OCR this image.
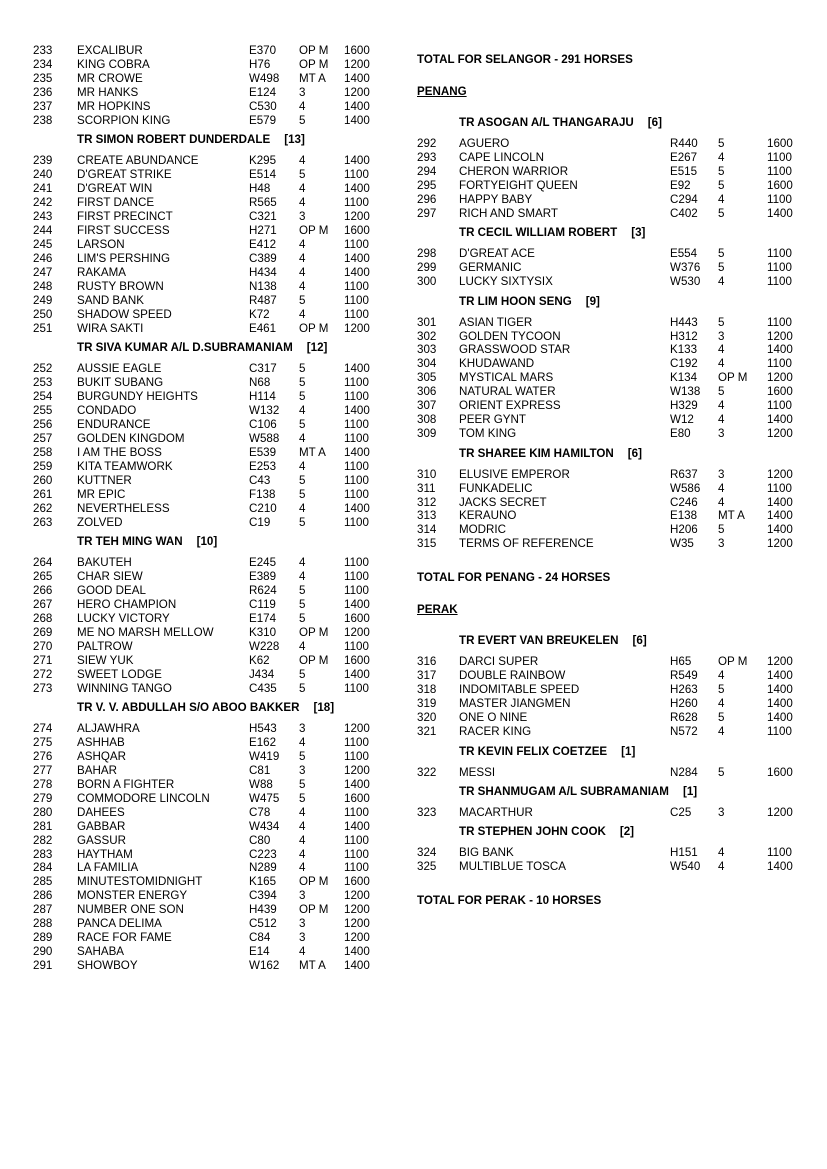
233 EXCALIBUR	E370 OP M 1600
234 KING COBRA	H76 OP M 1200
235 MR CROWE	W498 MT A 1400
236 MR HANKS	E124 3	1200
237 MR HOPKINS	C530 4	1400
238 SCORPION KING	E579 5	1400
TR SIMON ROBERT DUNDERDALE [13]
239 CREATE ABUNDANCE	K295 4	1400
240 D'GREAT STRIKE	E514 5	1100
241 D'GREAT WIN	H48 4	1400
242 FIRST DANCE	R565 4	1100
243 FIRST PRECINCT	C321 3	1200
244 FIRST SUCCESS	H271 OP M 1600
245 LARSON	E412 4	1100
246 LIM'S PERSHING	C389 4	1400
247 RAKAMA	H434 4	1400
248 RUSTY BROWN	N138 4	1100
249 SAND BANK	R487 5	1100
250 SHADOW SPEED	K72	4	1100
251 WIRA SAKTI	E461 OP M 1200
TR SIVA KUMAR A/L D.SUBRAMANIAM [12]
252 AUSSIE EAGLE	C317 5	1400
253 BUKIT SUBANG	N68 5	1100
254 BURGUNDY HEIGHTS	H114 5	1100
255 CONDADO	W132 4	1400
256 ENDURANCE	C106 5	1100
257 GOLDEN KINGDOM	W588 4	1100
258 I AM THE BOSS	E539 MT A 1400
259 KITA TEAMWORK	E253 4	1100
260 KUTTNER	C43 5	1100
261 MR EPIC	F138 5	1100
262 NEVERTHELESS	C210 4	1400
263 ZOLVED	C19 5	1100
TR TEH MING WAN [10]
264 BAKUTEH	E245 4	1100
265 CHAR SIEW	E389 4	1100
266 GOOD DEAL	R624 5	1100
267 HERO CHAMPION	C119 5	1400
268 LUCKY VICTORY	E174 5	1600
269 ME NO MARSH MELLOW	K310 OP M 1200
270 PALTROW	W228 4	1100
271 SIEW YUK	K62	OP M 1600
272 SWEET LODGE	J434 5	1400
273 WINNING TANGO	C435 5	1100
TR V. V. ABDULLAH S/O ABOO BAKKER [18]
274 ALJAWHRA	H543 3	1200
275 ASHHAB	E162 4	1100
276 ASHQAR	W419 5	1100
277 BAHAR	C81 3	1200
278 BORN A FIGHTER	W88 5	1400
279 COMMODORE LINCOLN	W475 5	1600
280 DAHEES	C78 4	1100
281 GABBAR	W434 4	1400
282 GASSUR	C80 4	1100
283 HAYTHAM	C223 4	1100
284 LA FAMILIA	N289 4	1100
285 MINUTESTOMIDNIGHT	K165 OP M 1600
286 MONSTER ENERGY	C394 3	1200
287 NUMBER ONE SON	H439 OP M 1200
288 PANCA DELIMA	C512 3	1200
289 RACE FOR FAME	C84 3	1200
290 SAHABA	E14	4	1400
291 SHOWBOY	W162 MT A 1400
TOTAL FOR SELANGOR - 291 HORSES
PENANG
TR ASOGAN A/L THANGARAJU [6]
292 AGUERO	R440 5	1600
293 CAPE LINCOLN	E267 4	1100
294 CHERON WARRIOR	E515 5	1100
295 FORTYEIGHT QUEEN	E92 5	1600
296 HAPPY BABY	C294 4	1100
297 RICH AND SMART	C402 5	1400
TR CECIL WILLIAM ROBERT [3]
298 D'GREAT ACE	E554 5	1100
299 GERMANIC	W376 5	1100
300 LUCKY SIXTYSIX	W530 4	1100
TR LIM HOON SENG [9]
301 ASIAN TIGER	H443 5	1100
302 GOLDEN TYCOON	H312 3	1200
303 GRASSWOOD STAR	K133 4	1400
304 KHUDAWAND	C192 4	1100
305 MYSTICAL MARS	K134 OP M 1200
306 NATURAL WATER	W138 5	1600
307 ORIENT EXPRESS	H329 4	1100
308 PEER GYNT	W12 4	1400
309 TOM KING	E80 3	1200
TR SHAREE KIM HAMILTON [6]
310 ELUSIVE EMPEROR	R637 3	1200
311 FUNKADELIC	W586 4	1100
312 JACKS SECRET	C246 4	1400
313 KERAUNO	E138 MT A 1400
314 MODRIC	H206 5	1400
315 TERMS OF REFERENCE	W35 3	1200
TOTAL FOR PENANG - 24 HORSES
PERAK
TR EVERT VAN BREUKELEN [6]
316 DARCI SUPER	H65 OP M 1200
317 DOUBLE RAINBOW	R549 4	1400
318 INDOMITABLE SPEED	H263 5	1400
319 MASTER JIANGMEN	H260 4	1400
320 ONE O NINE	R628 5	1400
321 RACER KING	N572 4	1100
TR KEVIN FELIX COETZEE [1]
322 MESSI	N284 5	1600
TR SHANMUGAM A/L SUBRAMANIAM [1]
323 MACARTHUR	C25 3	1200
TR STEPHEN JOHN COOK [2]
324 BIG BANK	H151 4	1100
325 MULTIBLUE TOSCA	W540 4	1400
TOTAL FOR PERAK - 10 HORSES
